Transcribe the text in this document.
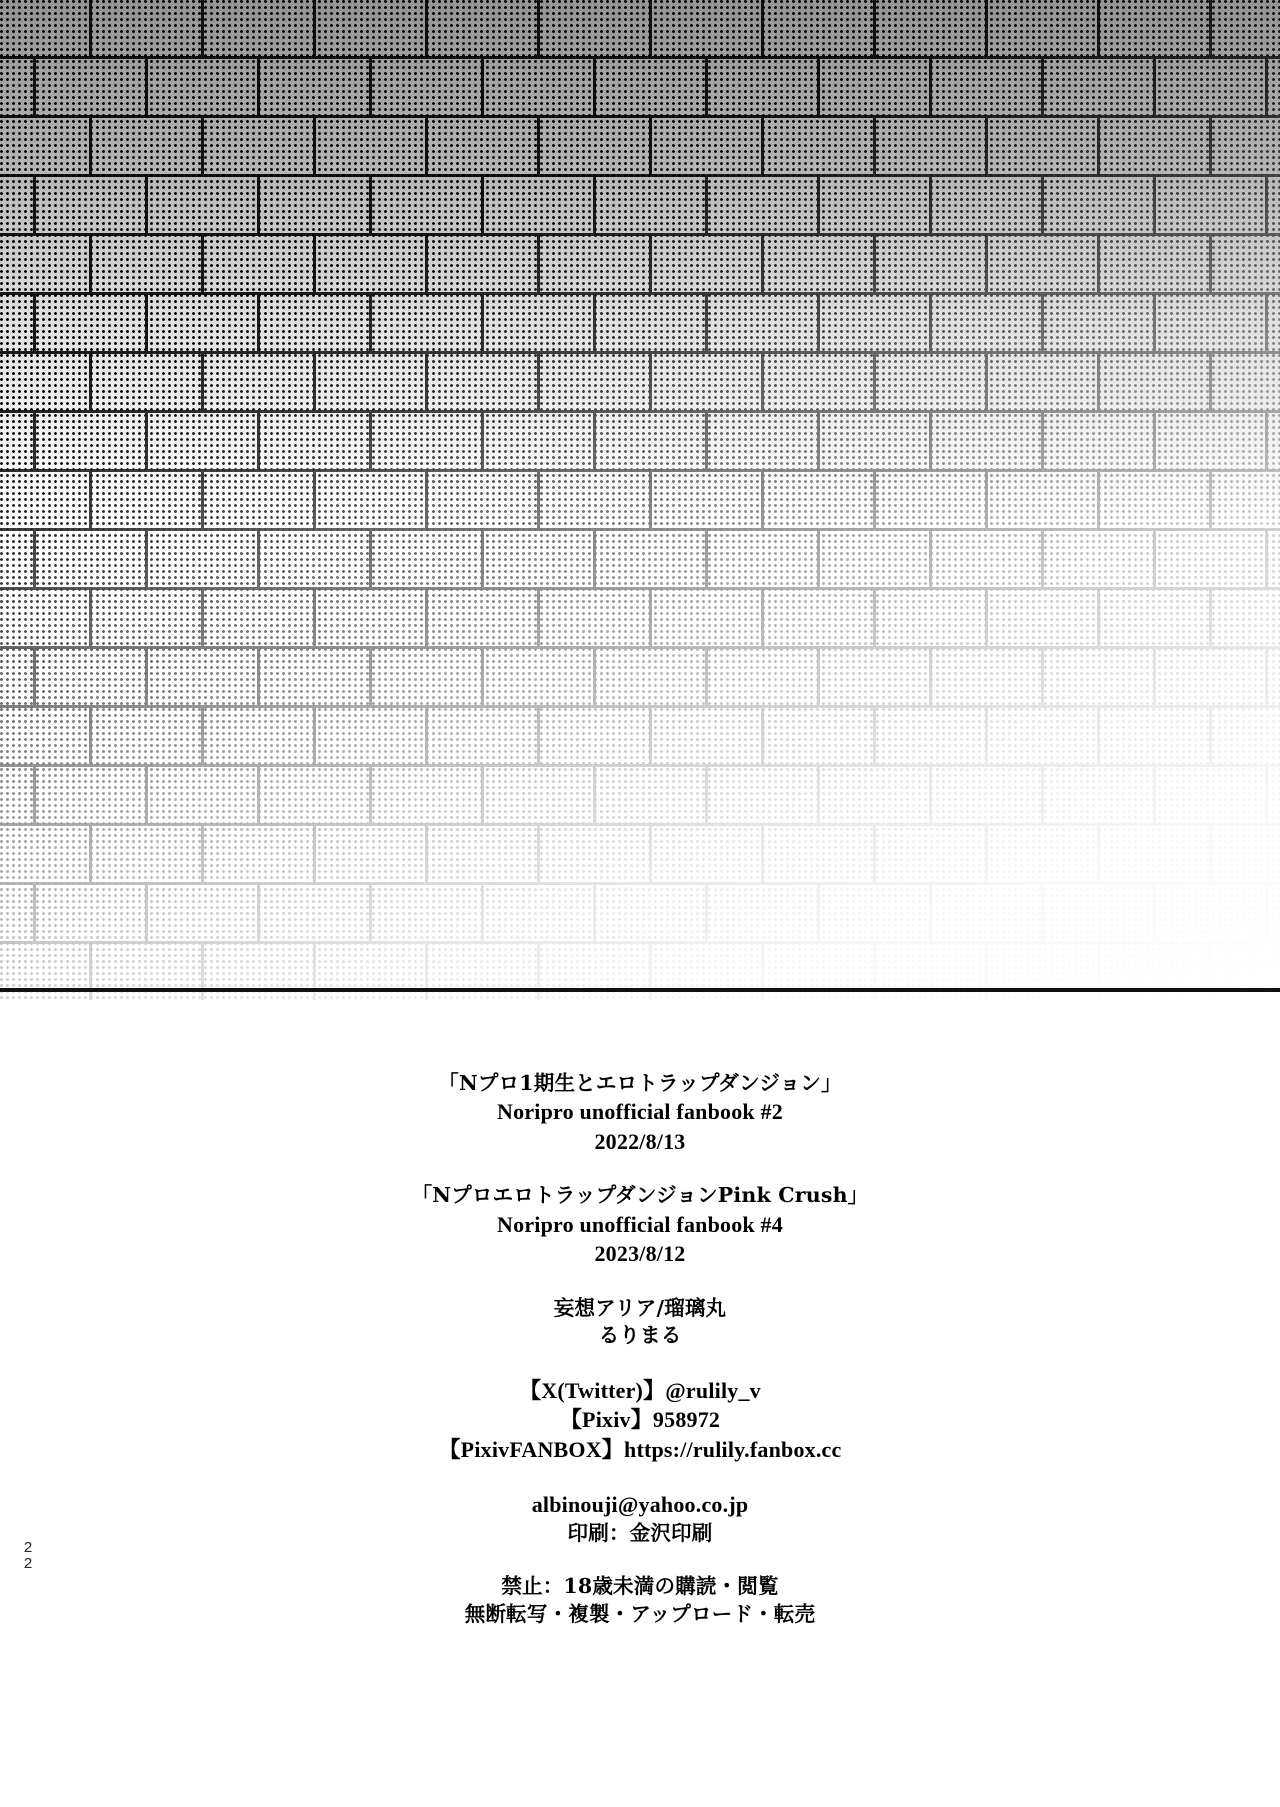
「Nプロ1期生とエロトラップダンジョン」
Noripro unofficial fanbook #2
2022/8/13
「NプロエロトラップダンジョンPink Crush」
Noripro unofficial fanbook #4
2023/8/12
妄想アリア/瑠璃丸
るりまる
【X(Twitter)】@rulily_v
【Pixiv】958972
【PixivFANBOX】https://rulily.fanbox.cc
albinouji@yahoo.co.jp
印刷：金沢印刷
禁止：18歳未満の購読・閲覧
無断転写・複製・アップロード・転売
2
2
